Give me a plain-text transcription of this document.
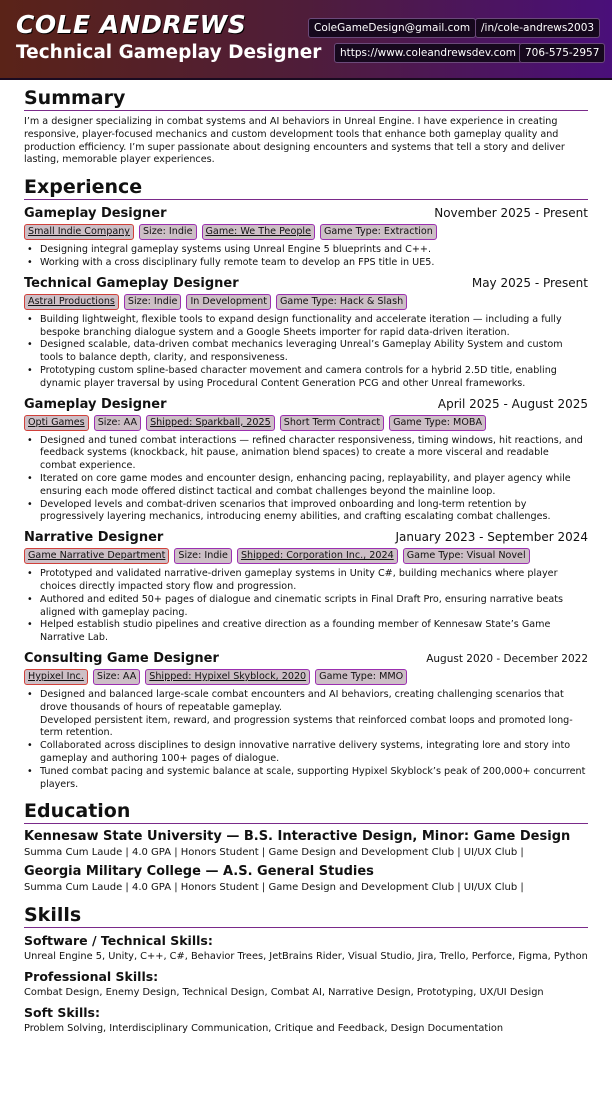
COLE ANDREWS
Technical Gameplay Designer
ColeGameDesign@gmail.com	/in/cole-andrews2003
https://www.coleandrewsdev.com 706-575-2957
Summary

I’m a designer specializing in combat systems and AI behaviors in Unreal Engine. I have experience in creating responsive, player-focused mechanics and custom development tools that enhance both gameplay quality and production efficiency. I’m super passionate about designing encounters and systems that tell a story and deliver lasting, memorable player experiences.

Experience
Gameplay Designer	November 2025 - Present
Small Indie Company	Size: Indie	Game: We The People	Game Type: Extraction
• Designing integral gameplay systems using Unreal Engine 5 blueprints and C++.
• Working with a cross disciplinary fully remote team to develop an FPS title in UE5.
Technical Gameplay Designer	May 2025 - Present
Astral Productions	Size: Indie	In Development	Game Type: Hack & Slash
• Building lightweight, flexible tools to expand design functionality and accelerate iteration — including a fully bespoke branching dialogue system and a Google Sheets importer for rapid data-driven iteration.
• Designed scalable, data-driven combat mechanics leveraging Unreal’s Gameplay Ability System and custom tools to balance depth, clarity, and responsiveness.
• Prototyping custom spline-based character movement and camera controls for a hybrid 2.5D title, enabling dynamic player traversal by using Procedural Content Generation PCG and other Unreal frameworks.
Gameplay Designer	April 2025 - August 2025
Opti Games	Size: AA	Shipped: Sparkball, 2025	Short Term Contract	Game Type: MOBA
• Designed and tuned combat interactions — refined character responsiveness, timing windows, hit reactions, and feedback systems (knockback, hit pause, animation blend spaces) to create a more visceral and readable combat experience.
• Iterated on core game modes and encounter design, enhancing pacing, replayability, and player agency while ensuring each mode offered distinct tactical and combat challenges beyond the mainline loop.
• Developed levels and combat-driven scenarios that improved onboarding and long-term retention by progressively layering mechanics, introducing enemy abilities, and crafting escalating combat challenges.
Narrative Designer	January 2023 - September 2024
Game Narrative Department	Size: Indie	Shipped: Corporation Inc., 2024	Game Type: Visual Novel
• Prototyped and validated narrative-driven gameplay systems in Unity C#, building mechanics where player choices directly impacted story flow and progression.
• Authored and edited 50+ pages of dialogue and cinematic scripts in Final Draft Pro, ensuring narrative beats aligned with gameplay pacing.
• Helped establish studio pipelines and creative direction as a founding member of Kennesaw State’s Game Narrative Lab.
Consulting Game Designer	August 2020 - December 2022
Hypixel Inc.	Size: AA	Shipped: Hypixel Skyblock, 2020	Game Type: MMO
• Designed and balanced large-scale combat encounters and AI behaviors, creating challenging scenarios that drove thousands of hours of repeatable gameplay.
Developed persistent item, reward, and progression systems that reinforced combat loops and promoted long-term retention.
• Collaborated across disciplines to design innovative narrative delivery systems, integrating lore and story into gameplay and authoring 100+ pages of dialogue.
• Tuned combat pacing and systemic balance at scale, supporting Hypixel Skyblock’s peak of 200,000+ concurrent players.
Education
Kennesaw State University — B.S. Interactive Design, Minor: Game Design
Summa Cum Laude | 4.0 GPA | Honors Student | Game Design and Development Club | UI/UX Club |
Georgia Military College — A.S. General Studies
Summa Cum Laude | 4.0 GPA | Honors Student | Game Design and Development Club | UI/UX Club |
Skills
Software / Technical Skills:
Unreal Engine 5, Unity, C++, C#, Behavior Trees, JetBrains Rider, Visual Studio, Jira, Trello, Perforce, Figma, Python
Professional Skills:
Combat Design, Enemy Design, Technical Design, Combat AI, Narrative Design, Prototyping, UX/UI Design
Soft Skills:
Problem Solving, Interdisciplinary Communication, Critique and Feedback, Design Documentation
